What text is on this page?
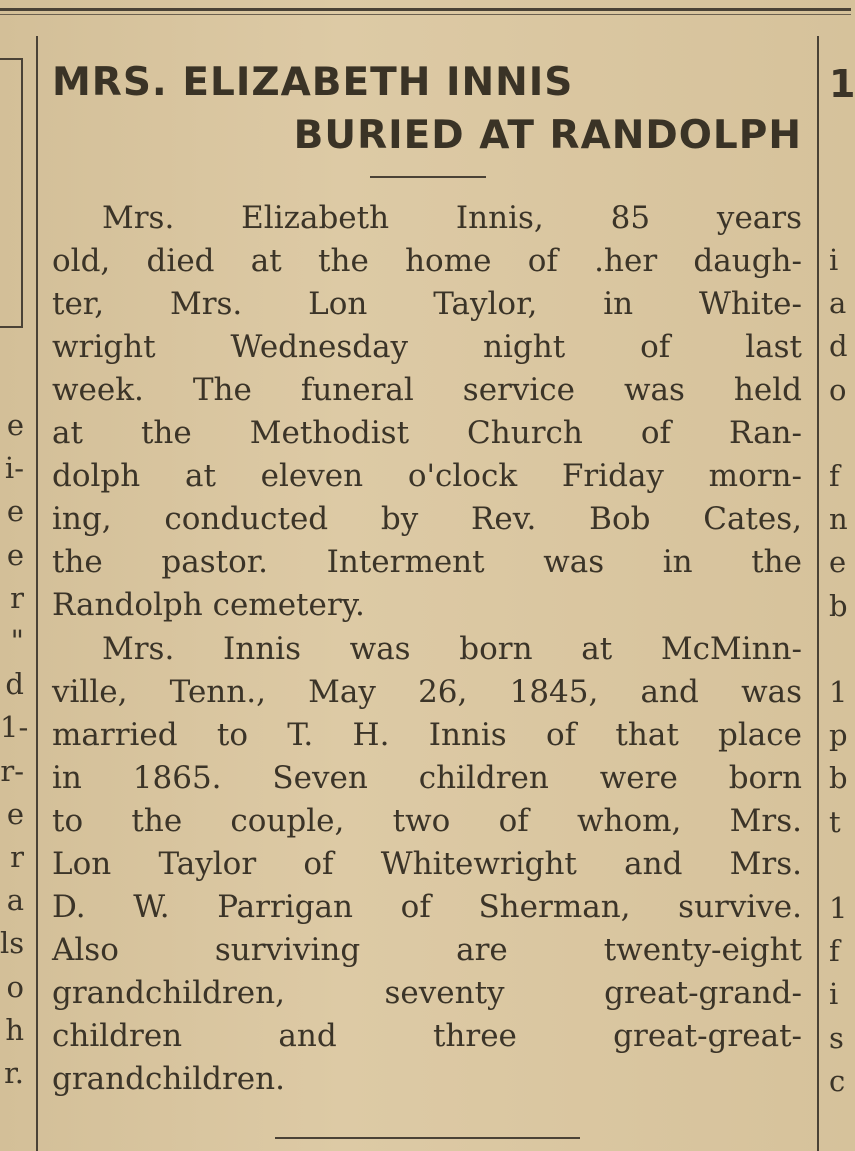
e
i-
e
e
r
"
d
1-
r-
e
r
a
ls
o
h
r.
1
i
a
d
o

f
n
e
b

1
p
b
t

1
f
i
s
c
MRS. ELIZABETH INNIS
BURIED AT RANDOLPH
Mrs. Elizabeth Innis, 85 years
old, died at the home of .her daugh-
ter, Mrs. Lon Taylor, in White-
wright Wednesday night of last
week. The funeral service was held
at the Methodist Church of Ran-
dolph at eleven o'clock Friday morn-
ing, conducted by Rev. Bob Cates,
the pastor. Interment was in the
Randolph cemetery.
Mrs. Innis was born at McMinn-
ville, Tenn., May 26, 1845, and was
married to T. H. Innis of that place
in 1865. Seven children were born
to the couple, two of whom, Mrs.
Lon Taylor of Whitewright and Mrs.
D. W. Parrigan of Sherman, survive.
Also surviving are twenty-eight
grandchildren, seventy great-grand-
children and three great-great-
grandchildren.
